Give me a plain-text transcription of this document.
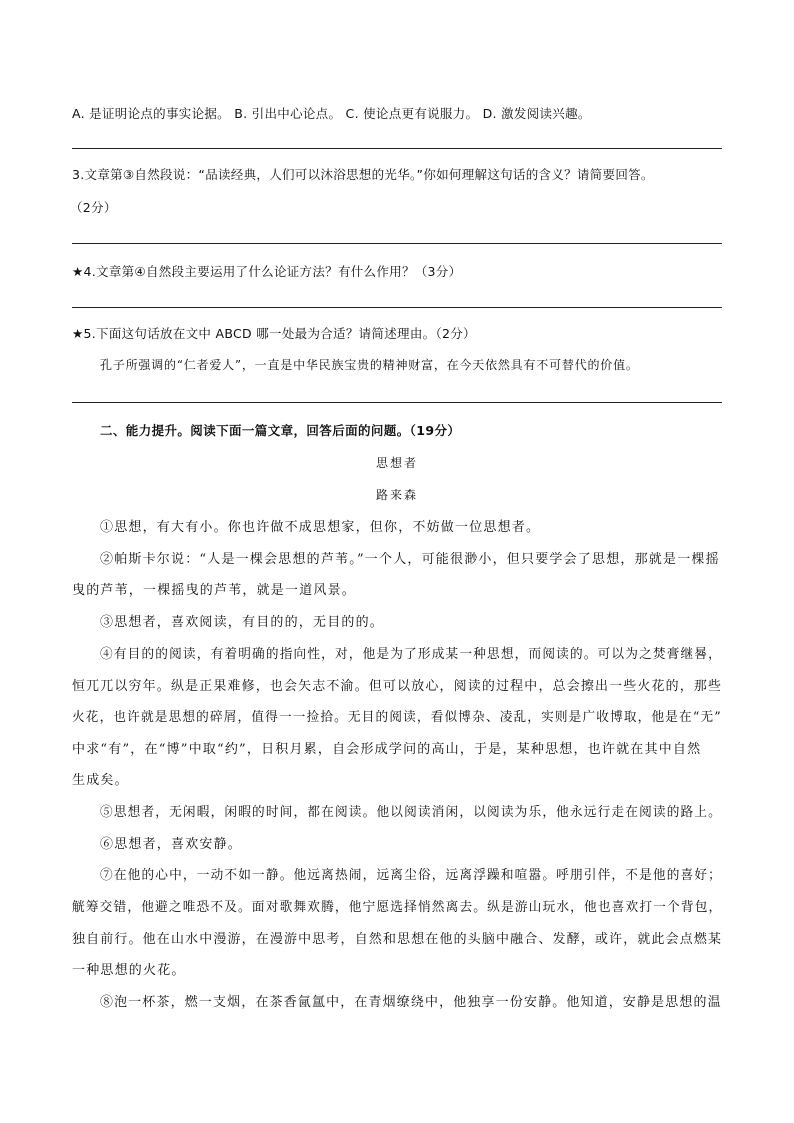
A. 是证明论点的事实论据。 B. 引出中心论点。 C. 使论点更有说服力。 D. 激发阅读兴趣。
3.文章第③自然段说：“品读经典，人们可以沐浴思想的光华。”你如何理解这句话的含义？请简要回答。
（2分）
★4.文章第④自然段主要运用了什么论证方法？有什么作用？（3分）
★5.下面这句话放在文中 ABCD 哪一处最为合适？请简述理由。（2分）
孔子所强调的“仁者爱人”，一直是中华民族宝贵的精神财富，在今天依然具有不可替代的价值。
二、能力提升。阅读下面一篇文章，回答后面的问题。（19分）
思想者
路来森
①思想，有大有小。你也许做不成思想家，但你，不妨做一位思想者。
②帕斯卡尔说：“人是一棵会思想的芦苇。”一个人，可能很渺小，但只要学会了思想，那就是一棵摇
曳的芦苇，一棵摇曳的芦苇，就是一道风景。
③思想者，喜欢阅读，有目的的，无目的的。
④有目的的阅读，有着明确的指向性，对，他是为了形成某一种思想，而阅读的。可以为之焚膏继晷，
恒兀兀以穷年。纵是正果难修，也会矢志不渝。但可以放心，阅读的过程中，总会擦出一些火花的，那些
火花，也许就是思想的碎屑，值得一一捡拾。无目的阅读，看似博杂、凌乱，实则是广收博取，他是在“无”
中求“有”，在“博”中取“约”，日积月累，自会形成学问的高山，于是，某种思想，也许就在其中自然
生成矣。
⑤思想者，无闲暇，闲暇的时间，都在阅读。他以阅读消闲，以阅读为乐，他永远行走在阅读的路上。
⑥思想者，喜欢安静。
⑦在他的心中，一动不如一静。他远离热闹，远离尘俗，远离浮躁和喧嚣。呼朋引伴，不是他的喜好；
觥筹交错，他避之唯恐不及。面对歌舞欢腾，他宁愿选择悄然离去。纵是游山玩水，他也喜欢打一个背包，
独自前行。他在山水中漫游，在漫游中思考，自然和思想在他的头脑中融合、发酵，或许，就此会点燃某
一种思想的火花。
⑧泡一杯茶，燃一支烟，在茶香氤氲中，在青烟缭绕中，他独享一份安静。他知道，安静是思想的温
